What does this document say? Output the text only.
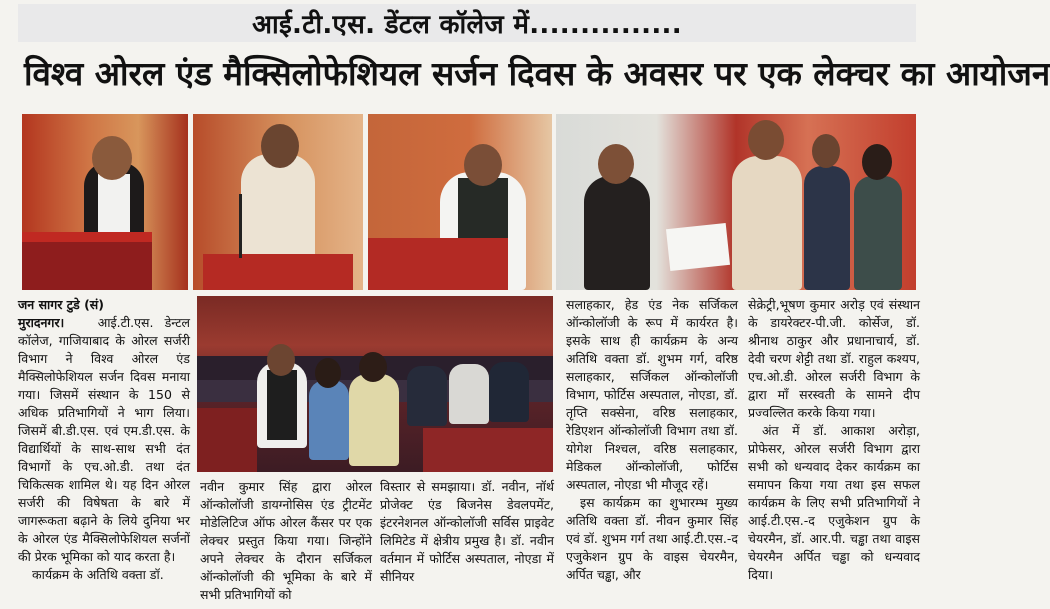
आई.टी.एस. डेंटल कॉलेज में...............
विश्व ओरल एंड मैक्सिलोफेशियल सर्जन दिवस के अवसर पर एक लेक्चर का आयोजन

जन सागर टुडे (सं)

मुरादनगर।	आई.टी.एस. डेन्टल कॉलेज, गाजियाबाद के ओरल सर्जरी विभाग ने विश्व ओरल एंड मैक्सिलोफेशियल सर्जन दिवस मनाया गया। जिसमें संस्थान के 150 से अधिक प्रतिभागियों ने भाग लिया। जिसमें बी.डी.एस. एवं एम.डी.एस. के विद्यार्थियों के साथ-साथ सभी दंत विभागों के एच.ओ.डी. तथा दंत चिकित्सक शामिल थे। यह दिन ओरल सर्जरी की विषेषता के बारे में जागरूकता बढ़ाने के लिये दुनिया भर के ओरल एंड मैक्सिलोफेशियल सर्जनों की प्रेरक भूमिका को याद करता है।

कार्यक्रम के अतिथि वक्ता डॉ.

नवीन कुमार सिंह द्वारा ओरल ऑन्कोलॉजी डायग्नोसिस एंड ट्रीटमेंट मोडेलिटिज ऑफ ओरल कैंसर पर एक लेक्चर प्रस्तुत किया गया। जिन्होंने अपने लेक्चर के दौरान सर्जिकल ऑन्कोलॉजी की भूमिका के बारे में सभी प्रतिभागियों को

विस्तार से समझाया। डॉ. नवीन, नॉर्थ प्रोजेक्ट एंड बिजनेस डेवलपमेंट, इंटरनेशनल ऑन्कोलॉजी सर्विस प्राइवेट लिमिटेड में क्षेत्रीय प्रमुख है। डॉ. नवीन वर्तमान में फोर्टिस अस्पताल, नोएडा में सीनियर

सलाहकार, हेड एंड नेक सर्जिकल ऑन्कोलॉजी के रूप में कार्यरत है। इसके साथ ही कार्यक्रम के अन्य अतिथि वक्ता डॉ. शुभम गर्ग, वरिष्ठ सलाहकार, सर्जिकल ऑन्कोलॉजी विभाग, फोर्टिस अस्पताल, नोएडा, डॉ. तृप्ति सक्सेना, वरिष्ठ सलाहकार, रेडिएशन ऑन्कोलॉजी विभाग तथा डॉ. योगेश निश्चल, वरिष्ठ सलाहकार, मेडिकल ऑन्कोलॉजी, फोर्टिस अस्पताल, नोएडा भी मौजूद रहें।

इस कार्यक्रम का शुभारम्भ मुख्य अतिथि वक्ता डॉ. नीवन कुमार सिंह एवं डॉ. शुभम गर्ग तथा आई.टी.एस.-द एजुकेशन ग्रुप के वाइस चेयरमैन, अर्पित चड्ढा, और

सेक्रेट्री,भूषण कुमार अरोड़ एवं संस्थान के डायरेक्टर-पी.जी. कोर्सेज, डॉ. श्रीनाथ ठाकुर और प्रधानाचार्य, डॉ. देवी चरण शेट्टी तथा डॉ. राहुल कश्यप, एच.ओ.डी. ओरल सर्जरी विभाग के द्वारा माँ सरस्वती के सामने दीप प्रज्वल्लित करके किया गया।

अंत में डॉ. आकाश अरोड़ा, प्रोफेसर, ओरल सर्जरी विभाग द्वारा सभी को धन्यवाद देकर कार्यक्रम का समापन किया गया तथा इस सफल कार्यक्रम के लिए सभी प्रतिभागियों ने आई.टी.एस.-द एजुकेशन ग्रुप के चेयरमैन, डॉ. आर.पी. चड्ढा तथा वाइस चेयरमैन अर्पित चड्ढा को धन्यवाद दिया।
